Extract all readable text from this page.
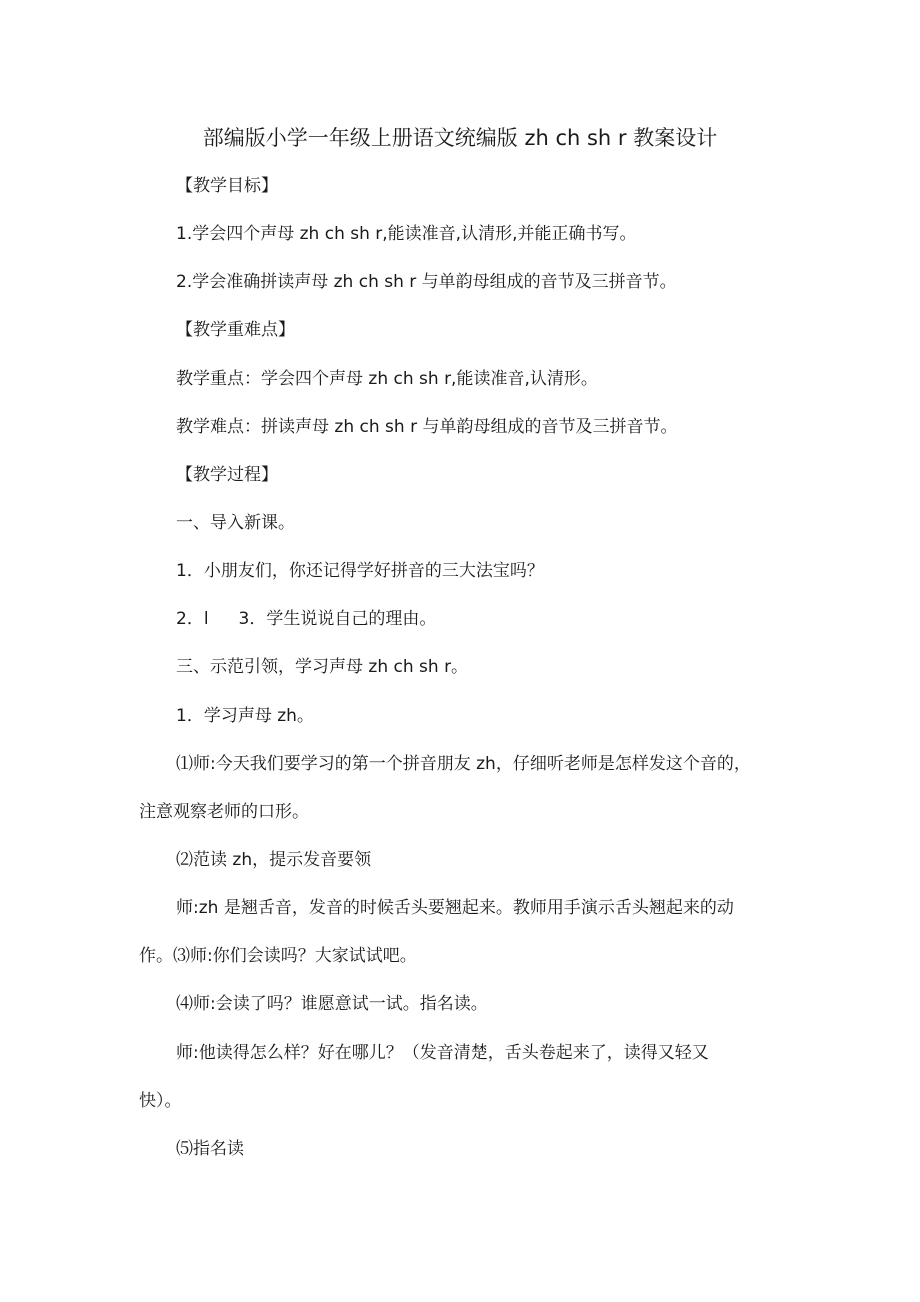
部编版小学一年级上册语文统编版 zh ch sh r 教案设计
【教学目标】
1.学会四个声母 zh ch sh r,能读准音,认清形,并能正确书写。
2.学会准确拼读声母 zh ch sh r 与单韵母组成的音节及三拼音节。
【教学重难点】
教学重点：学会四个声母 zh ch sh r,能读准音,认清形。
教学难点：拼读声母 zh ch sh r 与单韵母组成的音节及三拼音节。
【教学过程】
一、导入新课。
1．小朋友们，你还记得学好拼音的三大法宝吗？
2．l 3．学生说说自己的理由。
三、示范引领，学习声母 zh ch sh r。
1．学习声母 zh。
⑴师:今天我们要学习的第一个拼音朋友 zh，仔细听老师是怎样发这个音的，
注意观察老师的口形。
⑵范读 zh，提示发音要领
师:zh 是翘舌音，发音的时候舌头要翘起来。教师用手演示舌头翘起来的动
作。⑶师:你们会读吗？大家试试吧。
⑷师:会读了吗？谁愿意试一试。指名读。
师:他读得怎么样？好在哪儿？（发音清楚，舌头卷起来了，读得又轻又
快）。
⑸指名读
